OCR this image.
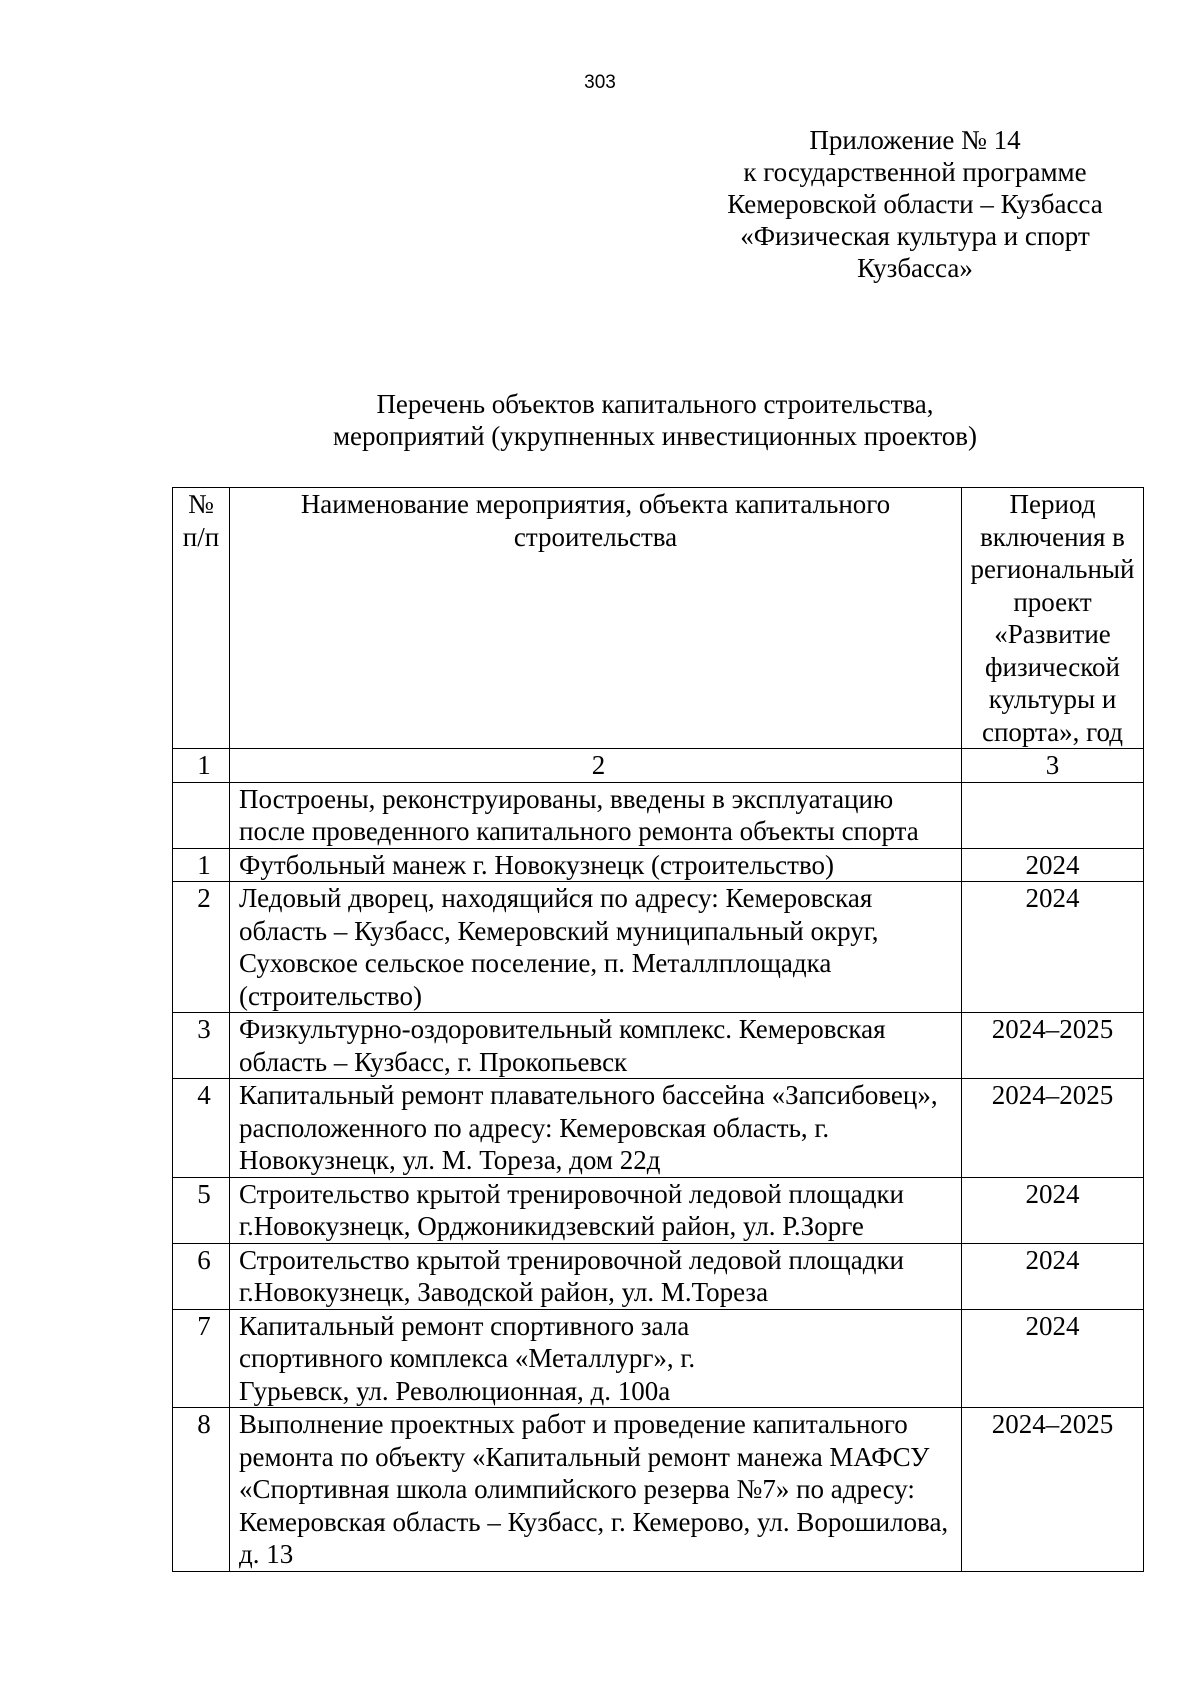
303
Приложение № 14
к государственной программе
Кемеровской области – Кузбасса
«Физическая культура и спорт
Кузбасса»
Перечень объектов капитального строительства,
мероприятий (укрупненных инвестиционных проектов)
№ п/п	Наименование мероприятия, объекта капитального строительства	Период включения в региональный проект «Развитие физической культуры и спорта», год
1	2	3
	Построены, реконструированы, введены в эксплуатацию после проведенного капитального ремонта объекты спорта	
1	Футбольный манеж г. Новокузнецк (строительство)	2024
2	Ледовый дворец, находящийся по адресу: Кемеровская область – Кузбасс, Кемеровский муниципальный округ, Суховское сельское поселение, п. Металлплощадка (строительство)	2024
3	Физкультурно-оздоровительный комплекс. Кемеровская область – Кузбасс, г. Прокопьевск	2024–2025
4	Капитальный ремонт плавательного бассейна «Запсибовец», расположенного по адресу: Кемеровская область, г. Новокузнецк, ул. М. Тореза, дом 22д	2024–2025
5	Строительство крытой тренировочной ледовой площадки г.Новокузнецк, Орджоникидзевский район, ул. Р.Зорге	2024
6	Строительство крытой тренировочной ледовой площадки г.Новокузнецк, Заводской район, ул. М.Тореза	2024
7	Капитальный ремонт спортивного зала спортивного комплекса «Металлург», г. Гурьевск, ул. Революционная, д. 100а	2024
8	Выполнение проектных работ и проведение капитального ремонта по объекту «Капитальный ремонт манежа МАФСУ «Спортивная школа олимпийского резерва №7» по адресу: Кемеровская область – Кузбасс, г. Кемерово, ул. Ворошилова, д. 13	2024–2025
